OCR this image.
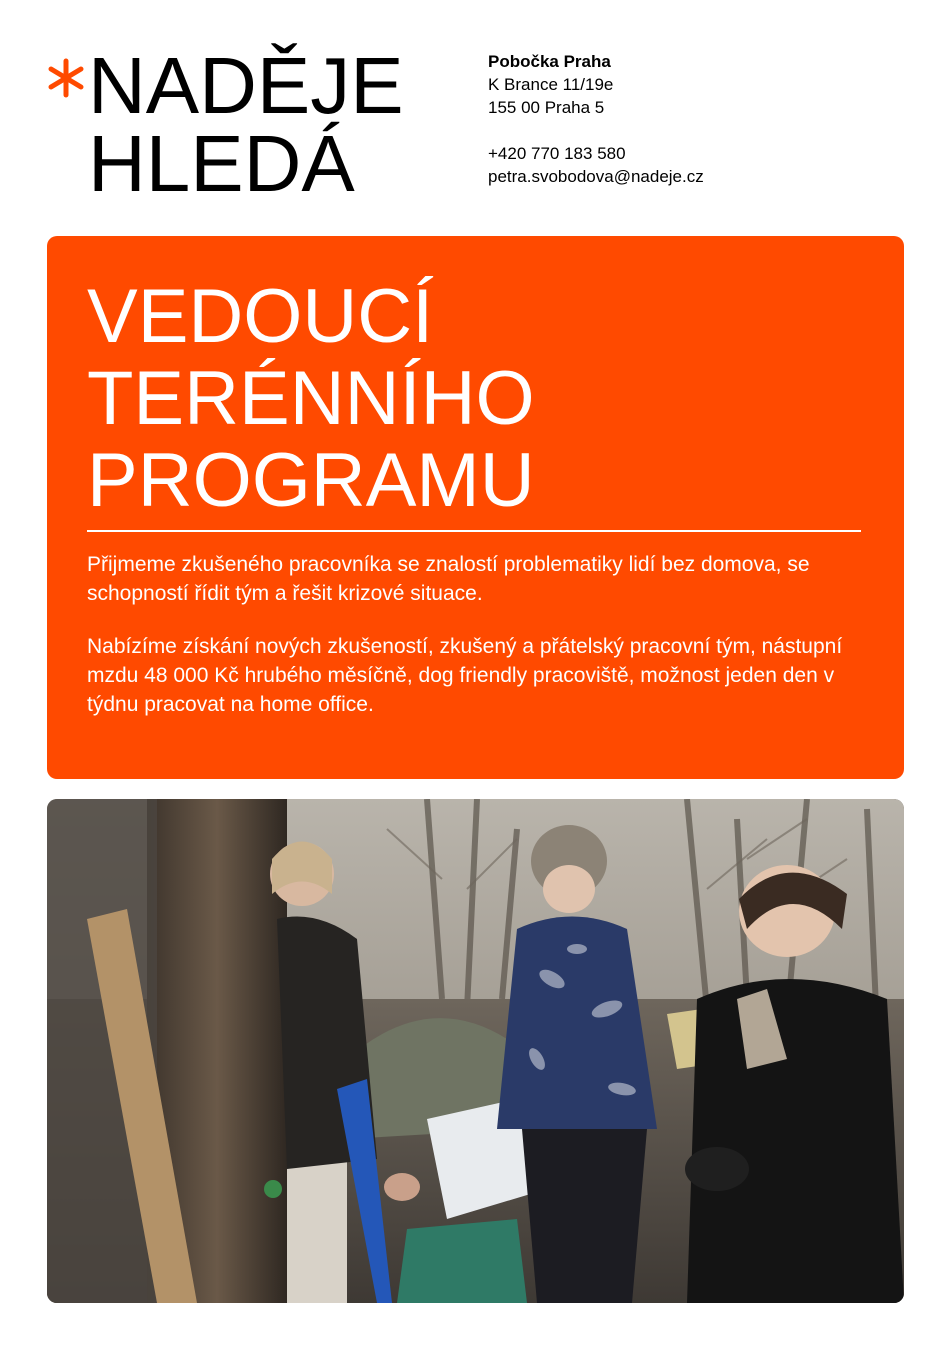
NADĚJE
HLEDÁ
Pobočka Praha
K Brance 11/19e
155 00 Praha 5
+420 770 183 580
petra.svobodova@nadeje.cz
VEDOUCÍ
TERÉNNÍHO
PROGRAMU

Přijmeme zkušeného pracovníka se znalostí problematiky lidí bez domova, se schopností řídit tým a řešit krizové situace.

Nabízíme získání nových zkušeností, zkušený a přátelský pracovní tým, nástupní mzdu 48 000 Kč hrubého měsíčně, dog friendly pracoviště, možnost jeden den v týdnu pracovat na home office.
